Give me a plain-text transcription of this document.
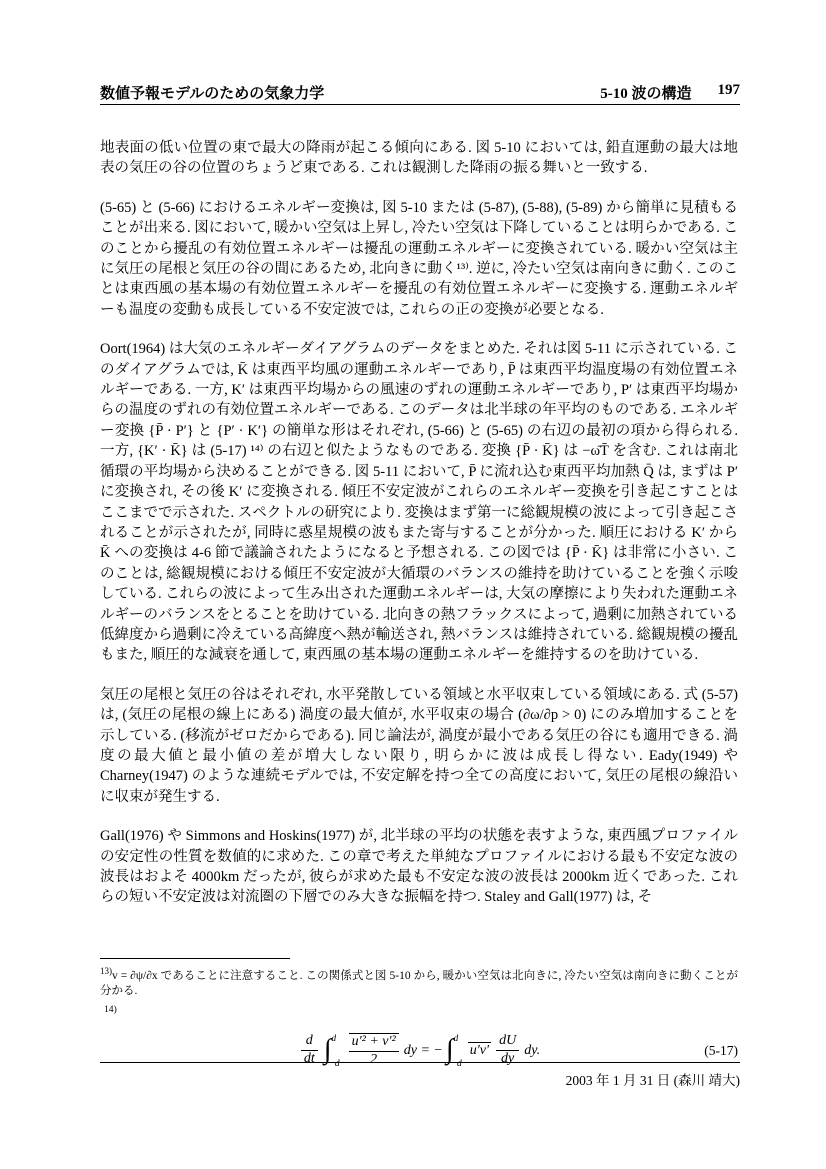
数値予報モデルのための気象力学	5-10 波の構造 197

地表面の低い位置の東で最大の降雨が起こる傾向にある. 図 5-10 においては, 鉛直運動の最大は地表の気圧の谷の位置のちょうど東である. これは観測した降雨の振る舞いと一致する.

(5-65) と (5-66) におけるエネルギー変換は, 図 5-10 または (5-87), (5-88), (5-89) から簡単に見積もることが出来る. 図において, 暖かい空気は上昇し, 冷たい空気は下降していることは明らかである. このことから擾乱の有効位置エネルギーは擾乱の運動エネルギーに変換されている. 暖かい空気は主に気圧の尾根と気圧の谷の間にあるため, 北向きに動く¹³⁾. 逆に, 冷たい空気は南向きに動く. このことは東西風の基本場の有効位置エネルギーを擾乱の有効位置エネルギーに変換する. 運動エネルギーも温度の変動も成長している不安定波では, これらの正の変換が必要となる.

Oort(1964) は大気のエネルギーダイアグラムのデータをまとめた. それは図 5-11 に示されている. このダイアグラムでは, K̄ は東西平均風の運動エネルギーであり, P̄ は東西平均温度場の有効位置エネルギーである. 一方, K′ は東西平均場からの風速のずれの運動エネルギーであり, P′ は東西平均場からの温度のずれの有効位置エネルギーである. このデータは北半球の年平均のものである. エネルギー変換 {P̄ · P′} と {P′ · K′} の簡単な形はそれぞれ, (5-66) と (5-65) の右辺の最初の項から得られる. 一方, {K′ · K̄} は (5-17) ¹⁴⁾ の右辺と似たようなものである. 変換 {P̄ · K̄} は −ω̄T̄ を含む. これは南北循環の平均場から決めることができる. 図 5-11 において, P̄ に流れ込む東西平均加熱 Q̄ は, まずは P′ に変換され, その後 K′ に変換される. 傾圧不安定波がこれらのエネルギー変換を引き起こすことはここまでで示された. スペクトルの研究により. 変換はまず第一に総観規模の波によって引き起こされることが示されたが, 同時に惑星規模の波もまた寄与することが分かった. 順圧における K′ から K̄ への変換は 4-6 節で議論されたようになると予想される. この図では {P̄ · K̄} は非常に小さい. このことは, 総観規模における傾圧不安定波が大循環のバランスの維持を助けていることを強く示唆している. これらの波によって生み出された運動エネルギーは, 大気の摩擦により失われた運動エネルギーのバランスをとることを助けている. 北向きの熱フラックスによって, 過剰に加熱されている低緯度から過剰に冷えている高緯度へ熱が輸送され, 熱バランスは維持されている. 総観規模の擾乱もまた, 順圧的な減衰を通して, 東西風の基本場の運動エネルギーを維持するのを助けている.

気圧の尾根と気圧の谷はそれぞれ, 水平発散している領域と水平収束している領域にある. 式 (5-57) は, (気圧の尾根の線上にある) 渦度の最大値が, 水平収束の場合 (∂ω/∂p > 0) にのみ増加することを示している. (移流がゼロだからである). 同じ論法が, 渦度が最小である気圧の谷にも適用できる. 渦度の最大値と最小値の差が増大しない限り, 明らかに波は成長し得ない. Eady(1949) や Charney(1947) のような連続モデルでは, 不安定解を持つ全ての高度において, 気圧の尾根の線沿いに収束が発生する.

Gall(1976) や Simmons and Hoskins(1977) が, 北半球の平均の状態を表すような, 東西風プロファイルの安定性の性質を数値的に求めた. この章で考えた単純なプロファイルにおける最も不安定な波の波長はおよそ 4000km だったが, 彼らが求めた最も不安定な波の波長は 2000km 近くであった. これらの短い不安定波は対流圏の下層でのみ大きな振幅を持つ. Staley and Gall(1977) は, そ

$^{13)}$v = ∂ψ/∂x であることに注意すること. この関係式と図 5-10 から, 暖かい空気は北向きに, 冷たい空気は南向きに動くことが分かる.

$^{14)}$

$\frac{d}{dt}$ ∫ d
$-d \frac{\text{u′² + v′²}}{2}$ dy = − ∫ d
−d
$u'v' \frac{dU}{dy}$ dy.	(5-17)
2003 年 1 月 31 日 (森川 靖大)
